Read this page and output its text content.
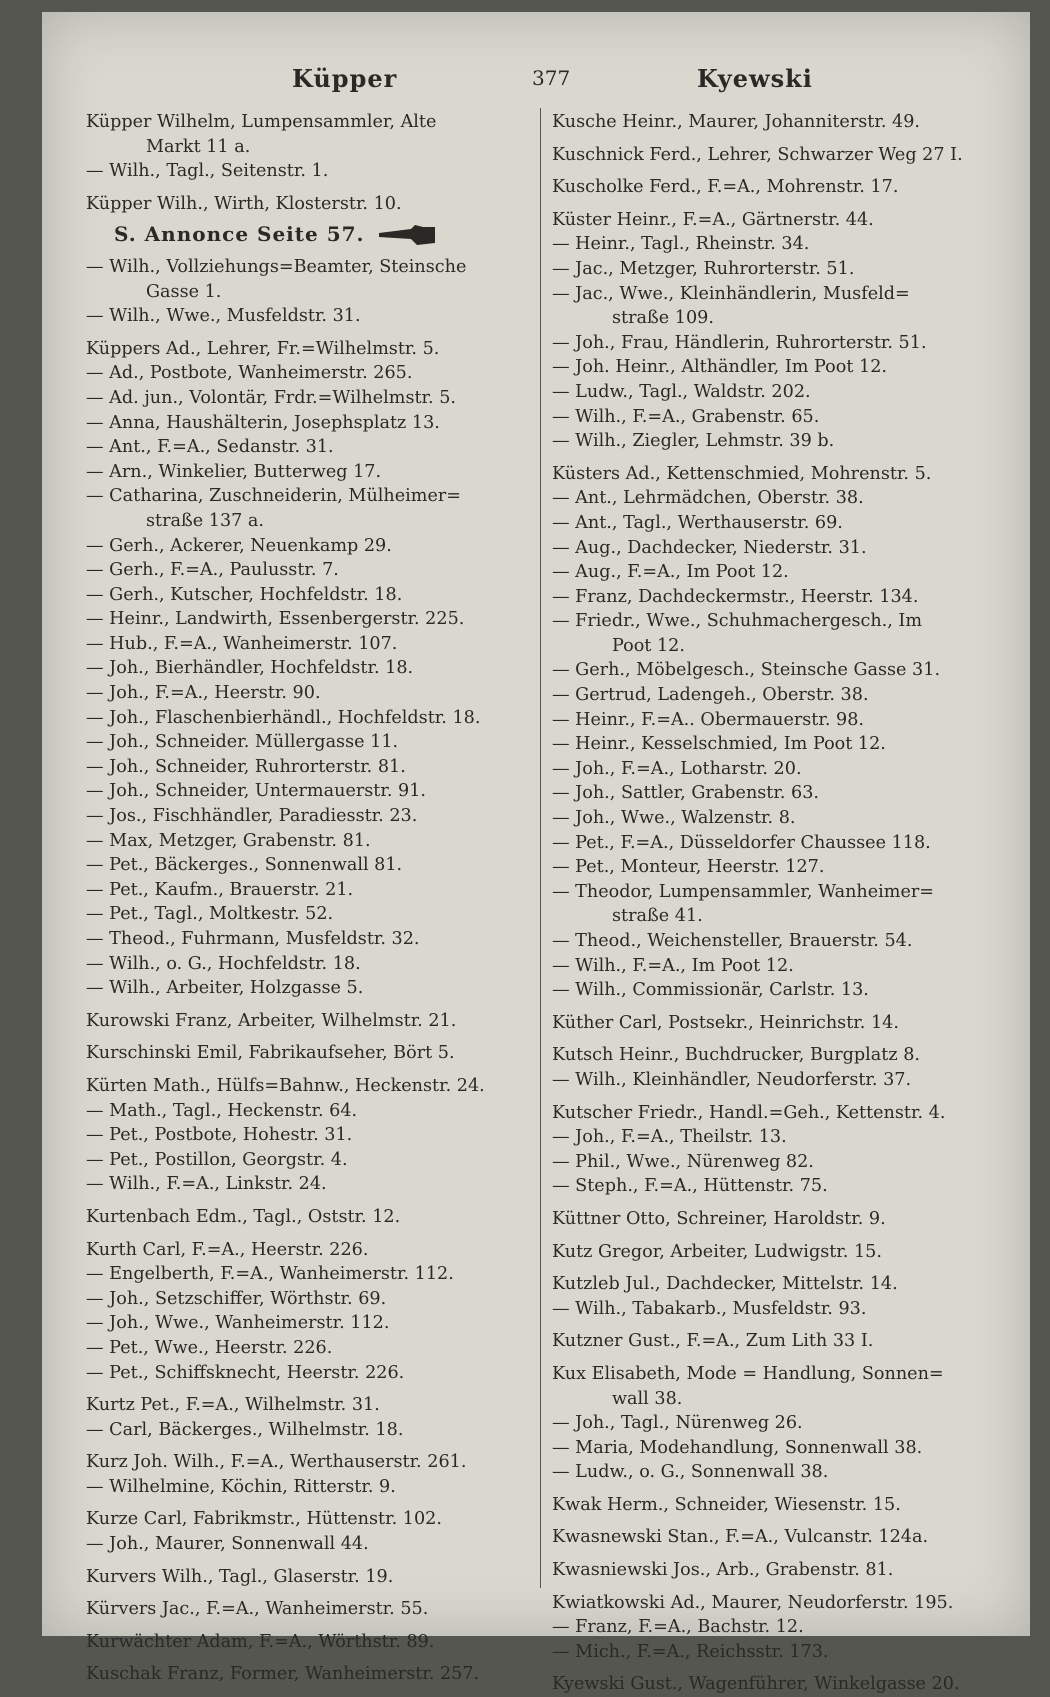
Küpper	377	Kyewski
Küpper Wilhelm, Lumpensammler, Alte
Markt 11 a.
— Wilh., Tagl., Seitenstr. 1.
Küpper Wilh., Wirth, Klosterstr. 10.
S. Annonce Seite 57.
— Wilh., Vollziehungs=Beamter, Steinsche
Gasse 1.
— Wilh., Wwe., Musfeldstr. 31.
Küppers Ad., Lehrer, Fr.=Wilhelmstr. 5.
— Ad., Postbote, Wanheimerstr. 265.
— Ad. jun., Volontär, Frdr.=Wilhelmstr. 5.
— Anna, Haushälterin, Josephsplatz 13.
— Ant., F.=A., Sedanstr. 31.
— Arn., Winkelier, Butterweg 17.
— Catharina, Zuschneiderin, Mülheimer=
straße 137 a.
— Gerh., Ackerer, Neuenkamp 29.
— Gerh., F.=A., Paulusstr. 7.
— Gerh., Kutscher, Hochfeldstr. 18.
— Heinr., Landwirth, Essenbergerstr. 225.
— Hub., F.=A., Wanheimerstr. 107.
— Joh., Bierhändler, Hochfeldstr. 18.
— Joh., F.=A., Heerstr. 90.
— Joh., Flaschenbierhändl., Hochfeldstr. 18.
— Joh., Schneider. Müllergasse 11.
— Joh., Schneider, Ruhrorterstr. 81.
— Joh., Schneider, Untermauerstr. 91.
— Jos., Fischhändler, Paradiesstr. 23.
— Max, Metzger, Grabenstr. 81.
— Pet., Bäckerges., Sonnenwall 81.
— Pet., Kaufm., Brauerstr. 21.
— Pet., Tagl., Moltkestr. 52.
— Theod., Fuhrmann, Musfeldstr. 32.
— Wilh., o. G., Hochfeldstr. 18.
— Wilh., Arbeiter, Holzgasse 5.
Kurowski Franz, Arbeiter, Wilhelmstr. 21.
Kurschinski Emil, Fabrikaufseher, Bört 5.
Kürten Math., Hülfs=Bahnw., Heckenstr. 24.
— Math., Tagl., Heckenstr. 64.
— Pet., Postbote, Hohestr. 31.
— Pet., Postillon, Georgstr. 4.
— Wilh., F.=A., Linkstr. 24.
Kurtenbach Edm., Tagl., Oststr. 12.
Kurth Carl, F.=A., Heerstr. 226.
— Engelberth, F.=A., Wanheimerstr. 112.
— Joh., Setzschiffer, Wörthstr. 69.
— Joh., Wwe., Wanheimerstr. 112.
— Pet., Wwe., Heerstr. 226.
— Pet., Schiffsknecht, Heerstr. 226.
Kurtz Pet., F.=A., Wilhelmstr. 31.
— Carl, Bäckerges., Wilhelmstr. 18.
Kurz Joh. Wilh., F.=A., Werthauserstr. 261.
— Wilhelmine, Köchin, Ritterstr. 9.
Kurze Carl, Fabrikmstr., Hüttenstr. 102.
— Joh., Maurer, Sonnenwall 44.
Kurvers Wilh., Tagl., Glaserstr. 19.
Kürvers Jac., F.=A., Wanheimerstr. 55.
Kurwächter Adam, F.=A., Wörthstr. 89.
Kuschak Franz, Former, Wanheimerstr. 257.
Kusche Heinr., Maurer, Johanniterstr. 49.
Kuschnick Ferd., Lehrer, Schwarzer Weg 27 I.
Kuscholke Ferd., F.=A., Mohrenstr. 17.
Küster Heinr., F.=A., Gärtnerstr. 44.
— Heinr., Tagl., Rheinstr. 34.
— Jac., Metzger, Ruhrorterstr. 51.
— Jac., Wwe., Kleinhändlerin, Musfeld=
straße 109.
— Joh., Frau, Händlerin, Ruhrorterstr. 51.
— Joh. Heinr., Althändler, Im Poot 12.
— Ludw., Tagl., Waldstr. 202.
— Wilh., F.=A., Grabenstr. 65.
— Wilh., Ziegler, Lehmstr. 39 b.
Küsters Ad., Kettenschmied, Mohrenstr. 5.
— Ant., Lehrmädchen, Oberstr. 38.
— Ant., Tagl., Werthauserstr. 69.
— Aug., Dachdecker, Niederstr. 31.
— Aug., F.=A., Im Poot 12.
— Franz, Dachdeckermstr., Heerstr. 134.
— Friedr., Wwe., Schuhmachergesch., Im
Poot 12.
— Gerh., Möbelgesch., Steinsche Gasse 31.
— Gertrud, Ladengeh., Oberstr. 38.
— Heinr., F.=A.. Obermauerstr. 98.
— Heinr., Kesselschmied, Im Poot 12.
— Joh., F.=A., Lotharstr. 20.
— Joh., Sattler, Grabenstr. 63.
— Joh., Wwe., Walzenstr. 8.
— Pet., F.=A., Düsseldorfer Chaussee 118.
— Pet., Monteur, Heerstr. 127.
— Theodor, Lumpensammler, Wanheimer=
straße 41.
— Theod., Weichensteller, Brauerstr. 54.
— Wilh., F.=A., Im Poot 12.
— Wilh., Commissionär, Carlstr. 13.
Küther Carl, Postsekr., Heinrichstr. 14.
Kutsch Heinr., Buchdrucker, Burgplatz 8.
— Wilh., Kleinhändler, Neudorferstr. 37.
Kutscher Friedr., Handl.=Geh., Kettenstr. 4.
— Joh., F.=A., Theilstr. 13.
— Phil., Wwe., Nürenweg 82.
— Steph., F.=A., Hüttenstr. 75.
Küttner Otto, Schreiner, Haroldstr. 9.
Kutz Gregor, Arbeiter, Ludwigstr. 15.
Kutzleb Jul., Dachdecker, Mittelstr. 14.
— Wilh., Tabakarb., Musfeldstr. 93.
Kutzner Gust., F.=A., Zum Lith 33 I.
Kux Elisabeth, Mode = Handlung, Sonnen=
wall 38.
— Joh., Tagl., Nürenweg 26.
— Maria, Modehandlung, Sonnenwall 38.
— Ludw., o. G., Sonnenwall 38.
Kwak Herm., Schneider, Wiesenstr. 15.
Kwasnewski Stan., F.=A., Vulcanstr. 124a.
Kwasniewski Jos., Arb., Grabenstr. 81.
Kwiatkowski Ad., Maurer, Neudorferstr. 195.
— Franz, F.=A., Bachstr. 12.
— Mich., F.=A., Reichsstr. 173.
Kyewski Gust., Wagenführer, Winkelgasse 20.
